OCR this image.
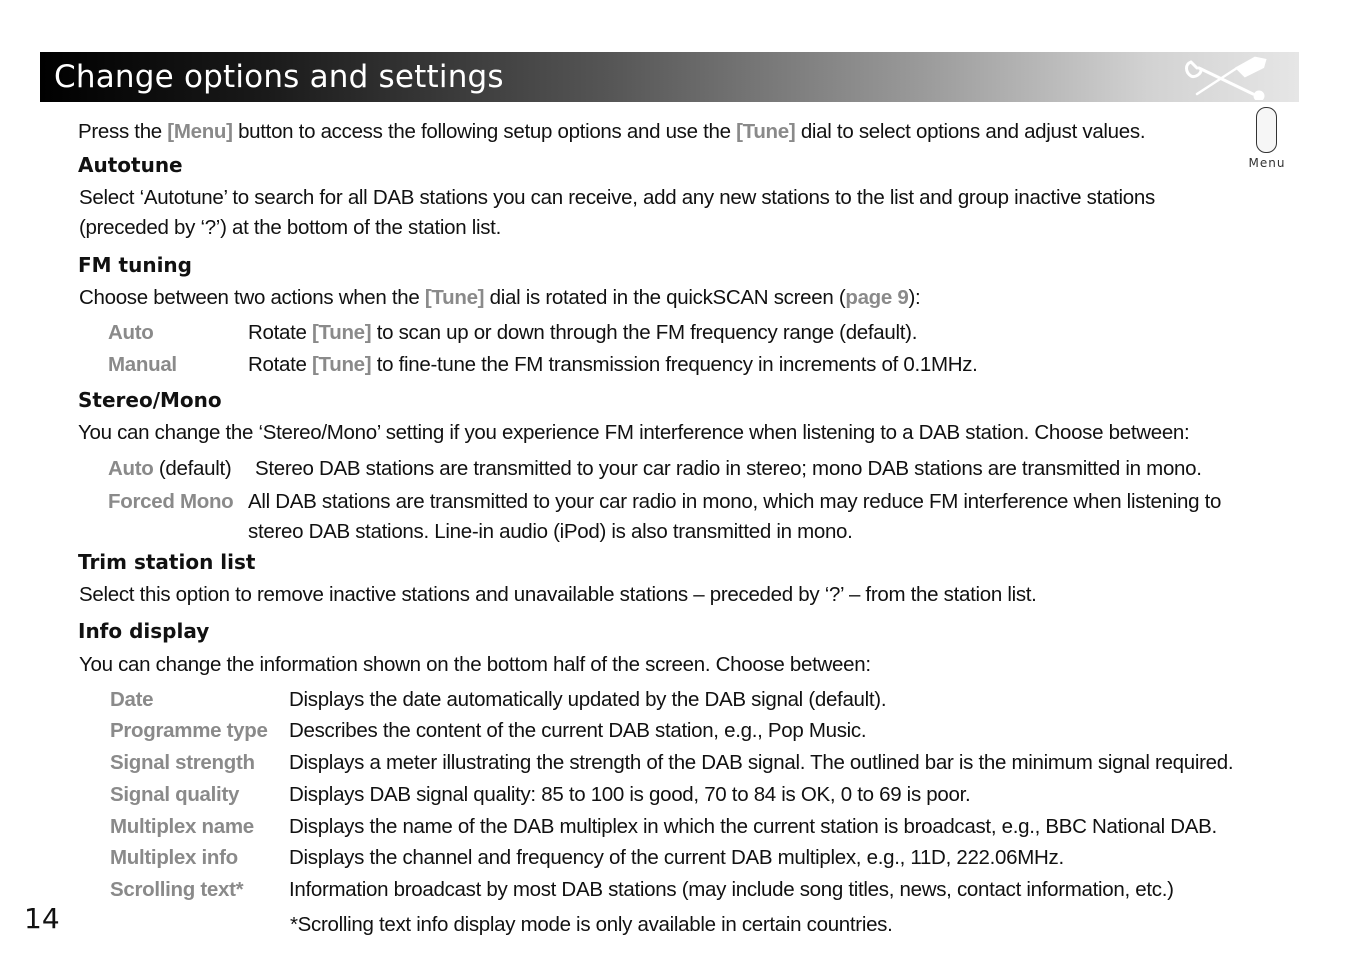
Change options and settings
Menu
Press the [Menu] button to access the following setup options and use the [Tune] dial to select options and adjust values.
Autotune
Select ‘Autotune’ to search for all DAB stations you can receive, add any new stations to the list and group inactive stations
(preceded by ‘?’) at the bottom of the station list.
FM tuning
Choose between two actions when the [Tune] dial is rotated in the quickSCAN screen (page 9):
Auto	Rotate [Tune] to scan up or down through the FM frequency range (default).
Manual	Rotate [Tune] to fine-tune the FM transmission frequency in increments of 0.1MHz.
Stereo/Mono
You can change the ‘Stereo/Mono’ setting if you experience FM interference when listening to a DAB station. Choose between:
Auto (default) Stereo DAB stations are transmitted to your car radio in stereo; mono DAB stations are transmitted in mono.
Forced Mono All DAB stations are transmitted to your car radio in mono, which may reduce FM interference when listening to
stereo DAB stations. Line-in audio (iPod) is also transmitted in mono.
Trim station list
Select this option to remove inactive stations and unavailable stations – preceded by ‘?’ – from the station list.
Info display
You can change the information shown on the bottom half of the screen. Choose between:
Date	Displays the date automatically updated by the DAB signal (default).
Programme type Describes the content of the current DAB station, e.g., Pop Music.
Signal strength Displays a meter illustrating the strength of the DAB signal. The outlined bar is the minimum signal required.
Signal quality Displays DAB signal quality: 85 to 100 is good, 70 to 84 is OK, 0 to 69 is poor.
Multiplex name Displays the name of the DAB multiplex in which the current station is broadcast, e.g., BBC National DAB.
Multiplex info Displays the channel and frequency of the current DAB multiplex, e.g., 11D, 222.06MHz.
Scrolling text* Information broadcast by most DAB stations (may include song titles, news, contact information, etc.)
*Scrolling text info display mode is only available in certain countries.
14
